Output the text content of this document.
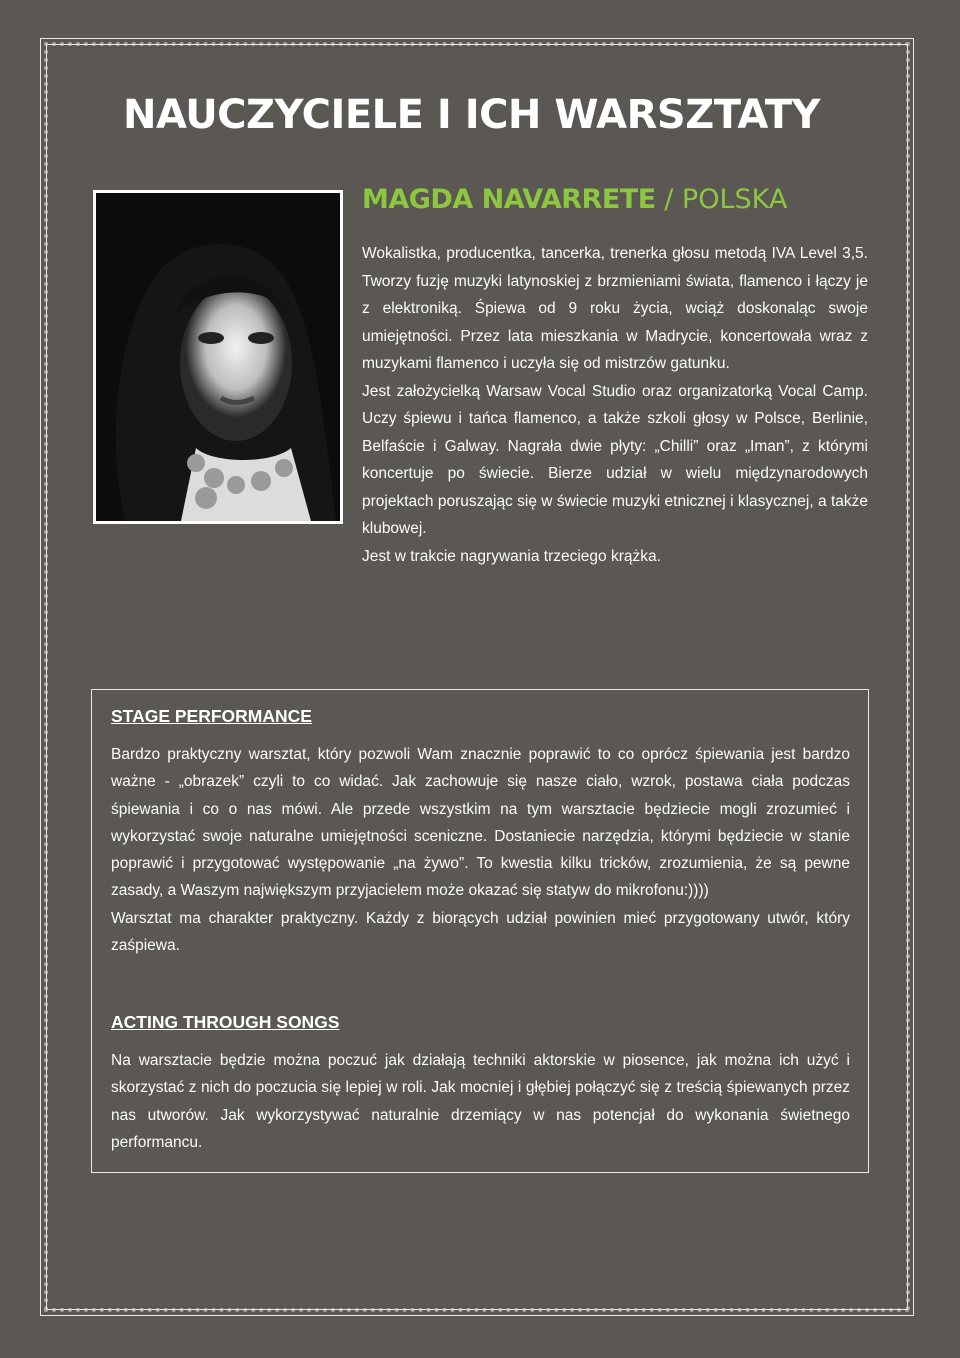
NAUCZYCIELE I ICH WARSZTATY
MAGDA NAVARRETE / POLSKA

Wokalistka, producentka, tancerka, trenerka głosu metodą IVA Level 3,5. Tworzy fuzję muzyki latynoskiej z brzmieniami świata, flamenco i łączy je z elektroniką. Śpiewa od 9 roku życia, wciąż doskonaląc swoje umiejętności. Przez lata mieszkania w Madrycie, koncertowała wraz z muzykami flamenco i uczyła się od mistrzów gatunku.

Jest założycielką Warsaw Vocal Studio oraz organizatorką Vocal Camp. Uczy śpiewu i tańca flamenco, a także szkoli głosy w Polsce, Berlinie, Belfaście i Galway. Nagrała dwie płyty: „Chilli” oraz „Iman”, z którymi koncertuje po świecie. Bierze udział w wielu międzynarodowych projektach poruszając się w świecie muzyki etnicznej i klasycznej, a także klubowej.

Jest w trakcie nagrywania trzeciego krążka.

STAGE PERFORMANCE

Bardzo praktyczny warsztat, który pozwoli Wam znacznie poprawić to co oprócz śpiewania jest bardzo ważne - „obrazek” czyli to co widać. Jak zachowuje się nasze ciało, wzrok, postawa ciała podczas śpiewania i co o nas mówi. Ale przede wszystkim na tym warsztacie będziecie mogli zrozumieć i wykorzystać swoje naturalne umiejętności sceniczne. Dostaniecie narzędzia, którymi będziecie w stanie poprawić i przygotować występowanie „na żywo”. To kwestia kilku tricków, zrozumienia, że są pewne zasady, a Waszym największym przyjacielem może okazać się statyw do mikrofonu:))))

Warsztat ma charakter praktyczny. Każdy z biorących udział powinien mieć przygotowany utwór, który zaśpiewa.

ACTING THROUGH SONGS

Na warsztacie będzie można poczuć jak działają techniki aktorskie w piosence, jak można ich użyć i skorzystać z nich do poczucia się lepiej w roli. Jak mocniej i głębiej połączyć się z treścią śpiewanych przez nas utworów. Jak wykorzystywać naturalnie drzemiący w nas potencjał do wykonania świetnego performancu.
